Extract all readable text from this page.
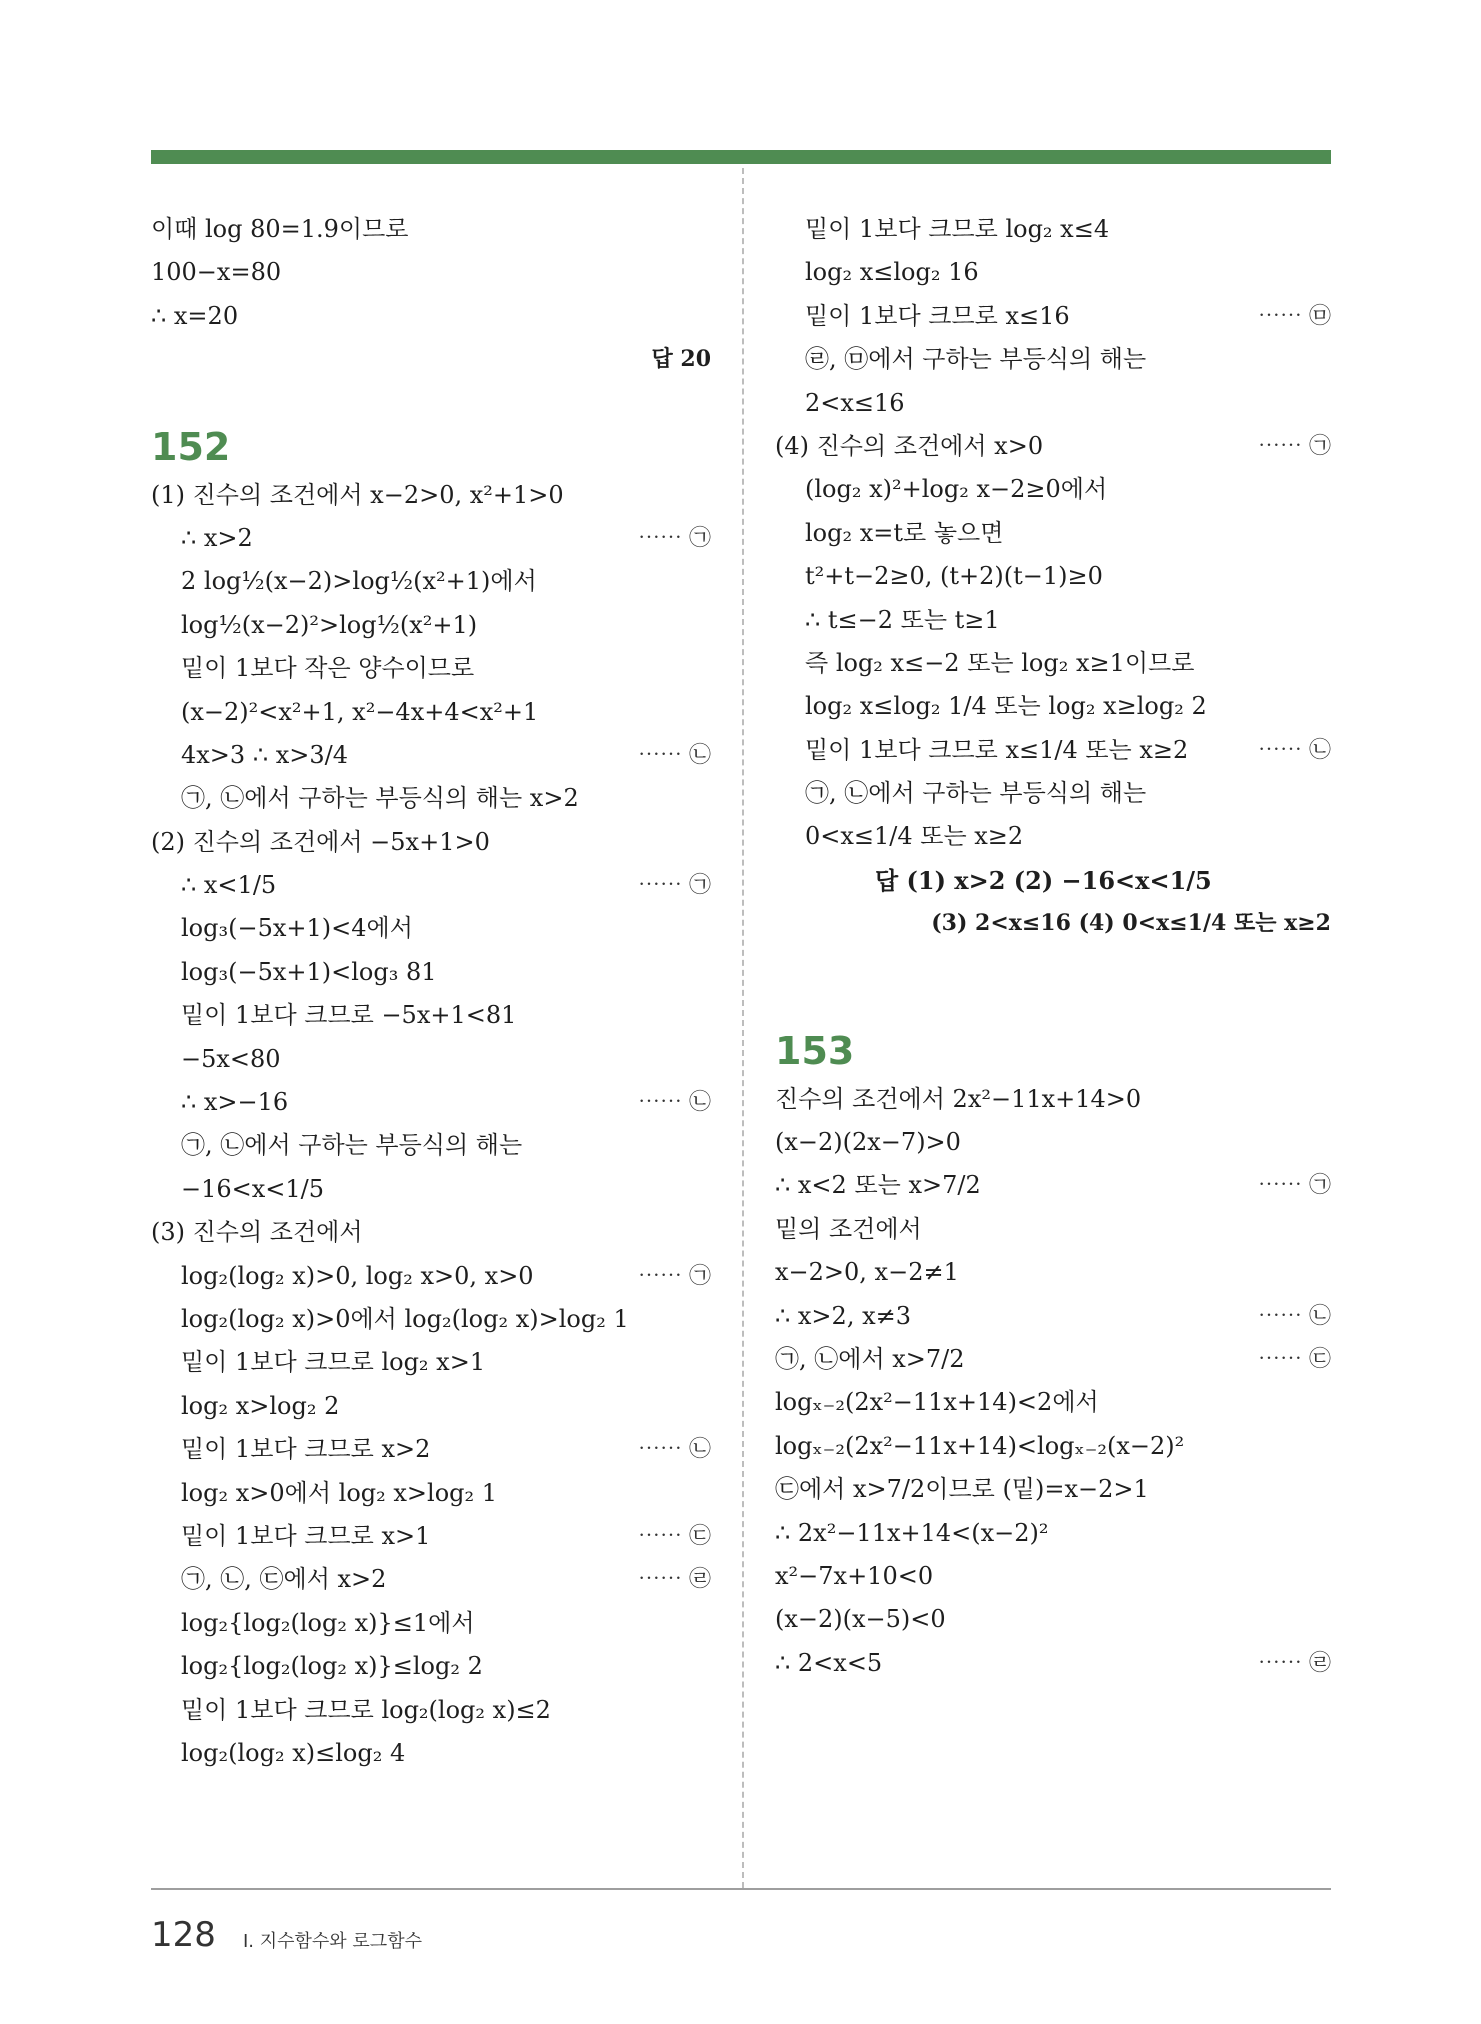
이때 log 80=1.9이므로
100−x=80
∴ x=20
답 20
152
(1) 진수의 조건에서 x−2>0, x²+1>0
∴ x>2	⋯⋯ ㉠
2 log½(x−2)>log½(x²+1)에서
log½(x−2)²>log½(x²+1)
밑이 1보다 작은 양수이므로
(x−2)²<x²+1, x²−4x+4<x²+1
4x>3 ∴ x>3/4	⋯⋯ ㉡
㉠, ㉡에서 구하는 부등식의 해는 x>2
(2) 진수의 조건에서 −5x+1>0
∴ x<1/5	⋯⋯ ㉠
log₃(−5x+1)<4에서
log₃(−5x+1)<log₃ 81
밑이 1보다 크므로 −5x+1<81
−5x<80
∴ x>−16	⋯⋯ ㉡
㉠, ㉡에서 구하는 부등식의 해는
−16<x<1/5
(3) 진수의 조건에서
log₂(log₂ x)>0, log₂ x>0, x>0	⋯⋯ ㉠
log₂(log₂ x)>0에서 log₂(log₂ x)>log₂ 1
밑이 1보다 크므로 log₂ x>1
log₂ x>log₂ 2
밑이 1보다 크므로 x>2	⋯⋯ ㉡
log₂ x>0에서 log₂ x>log₂ 1
밑이 1보다 크므로 x>1	⋯⋯ ㉢
㉠, ㉡, ㉢에서 x>2	⋯⋯ ㉣
log₂{log₂(log₂ x)}≤1에서
log₂{log₂(log₂ x)}≤log₂ 2
밑이 1보다 크므로 log₂(log₂ x)≤2
log₂(log₂ x)≤log₂ 4
밑이 1보다 크므로 log₂ x≤4
log₂ x≤log₂ 16
밑이 1보다 크므로 x≤16	⋯⋯ ㉤
㉣, ㉤에서 구하는 부등식의 해는
2<x≤16
(4) 진수의 조건에서 x>0	⋯⋯ ㉠
(log₂ x)²+log₂ x−2≥0에서
log₂ x=t로 놓으면
t²+t−2≥0, (t+2)(t−1)≥0
∴ t≤−2 또는 t≥1
즉 log₂ x≤−2 또는 log₂ x≥1이므로
log₂ x≤log₂ 1/4 또는 log₂ x≥log₂ 2
밑이 1보다 크므로 x≤1/4 또는 x≥2	⋯⋯ ㉡
㉠, ㉡에서 구하는 부등식의 해는
0<x≤1/4 또는 x≥2
답 (1) x>2 (2) −16<x<1/5
(3) 2<x≤16 (4) 0<x≤1/4 또는 x≥2
153
진수의 조건에서 2x²−11x+14>0
(x−2)(2x−7)>0
∴ x<2 또는 x>7/2	⋯⋯ ㉠
밑의 조건에서
x−2>0, x−2≠1
∴ x>2, x≠3	⋯⋯ ㉡
㉠, ㉡에서 x>7/2	⋯⋯ ㉢
logₓ₋₂(2x²−11x+14)<2에서
logₓ₋₂(2x²−11x+14)<logₓ₋₂(x−2)²
㉢에서 x>7/2이므로 (밑)=x−2>1
∴ 2x²−11x+14<(x−2)²
x²−7x+10<0
(x−2)(x−5)<0
∴ 2<x<5	⋯⋯ ㉣
128 Ⅰ. 지수함수와 로그함수
